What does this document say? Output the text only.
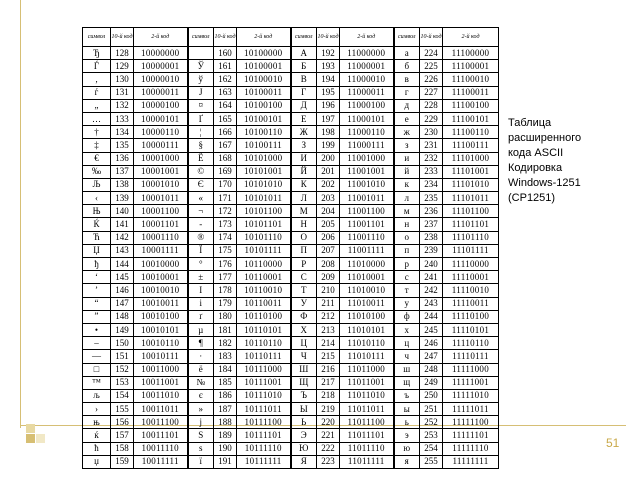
символ	10-й код	2-й код	символ	10-й код	2-й код	символ	10-й код	2-й код	символ	10-й код	2-й код
Ђ	128	10000000		160	10100000	А	192	11000000	а	224	11100000
Ѓ	129	10000001	Ў	161	10100001	Б	193	11000001	б	225	11100001
‚	130	10000010	ў	162	10100010	В	194	11000010	в	226	11100010
ѓ	131	10000011	Ј	163	10100011	Г	195	11000011	г	227	11100011
„	132	10000100	¤	164	10100100	Д	196	11000100	д	228	11100100
…	133	10000101	Ґ	165	10100101	Е	197	11000101	е	229	11100101
†	134	10000110	¦	166	10100110	Ж	198	11000110	ж	230	11100110
‡	135	10000111	§	167	10100111	З	199	11000111	з	231	11100111
€	136	10001000	Ё	168	10101000	И	200	11001000	и	232	11101000
‰	137	10001001	©	169	10101001	Й	201	11001001	й	233	11101001
Љ	138	10001010	Є	170	10101010	К	202	11001010	к	234	11101010
‹	139	10001011	«	171	10101011	Л	203	11001011	л	235	11101011
Њ	140	10001100	¬	172	10101100	М	204	11001100	м	236	11101100
Ќ	141	10001101	-	173	10101101	Н	205	11001101	н	237	11101101
Ћ	142	10001110	®	174	10101110	О	206	11001110	о	238	11101110
Џ	143	10001111	Ї	175	10101111	П	207	11001111	п	239	11101111
ђ	144	10010000	°	176	10110000	Р	208	11010000	р	240	11110000
‘	145	10010001	±	177	10110001	С	209	11010001	с	241	11110001
’	146	10010010	І	178	10110010	Т	210	11010010	т	242	11110010
“	147	10010011	і	179	10110011	У	211	11010011	у	243	11110011
”	148	10010100	ґ	180	10110100	Ф	212	11010100	ф	244	11110100
•	149	10010101	µ	181	10110101	Х	213	11010101	х	245	11110101
–	150	10010110	¶	182	10110110	Ц	214	11010110	ц	246	11110110
—	151	10010111	·	183	10110111	Ч	215	11010111	ч	247	11110111
□	152	10011000	ё	184	10111000	Ш	216	11011000	ш	248	11111000
™	153	10011001	№	185	10111001	Щ	217	11011001	щ	249	11111001
љ	154	10011010	є	186	10111010	Ъ	218	11011010	ъ	250	11111010
›	155	10011011	»	187	10111011	Ы	219	11011011	ы	251	11111011
њ	156	10011100	ј	188	10111100	Ь	220	11011100	ь	252	11111100
ќ	157	10011101	Ѕ	189	10111101	Э	221	11011101	э	253	11111101
ћ	158	10011110	ѕ	190	10111110	Ю	222	11011110	ю	254	11111110
џ	159	10011111	ї	191	10111111	Я	223	11011111	я	255	11111111
Таблица
расширенного
кода ASCII
Кодировка
Windows-1251
(CP1251)
51
